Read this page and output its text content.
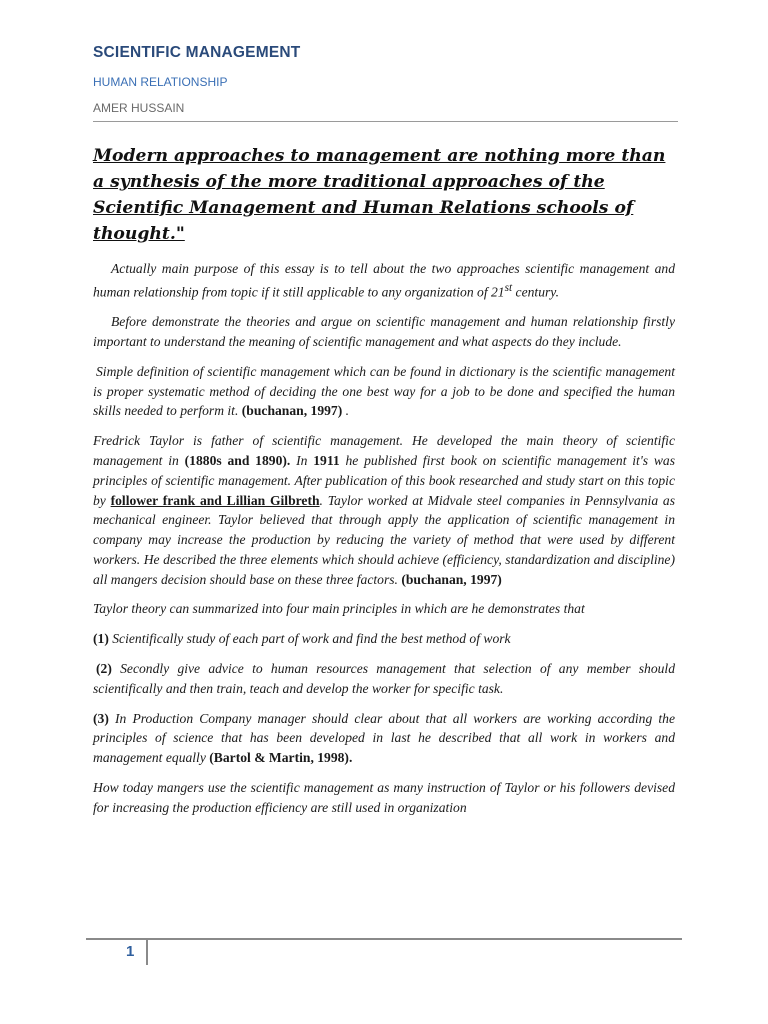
SCIENTIFIC MANAGEMENT
HUMAN RELATIONSHIP
AMER HUSSAIN
Modern approaches to management are nothing more than a synthesis of the more traditional approaches of the Scientific Management and Human Relations schools of thought."

Actually main purpose of this essay is to tell about the two approaches scientific management and human relationship from topic if it still applicable to any organization of 21st century.

Before demonstrate the theories and argue on scientific management and human relationship firstly important to understand the meaning of scientific management and what aspects do they include.

Simple definition of scientific management which can be found in dictionary is the scientific management is proper systematic method of deciding the one best way for a job to be done and specified the human skills needed to perform it. (buchanan, 1997) .

Fredrick Taylor is father of scientific management. He developed the main theory of scientific management in (1880s and 1890). In 1911 he published first book on scientific management it's was principles of scientific management. After publication of this book researched and study start on this topic by follower frank and Lillian Gilbreth. Taylor worked at Midvale steel companies in Pennsylvania as mechanical engineer. Taylor believed that through apply the application of scientific management in company may increase the production by reducing the variety of method that were used by different workers. He described the three elements which should achieve (efficiency, standardization and discipline) all mangers decision should base on these three factors. (buchanan, 1997)

Taylor theory can summarized into four main principles in which are he demonstrates that

(1) Scientifically study of each part of work and find the best method of work

(2) Secondly give advice to human resources management that selection of any member should scientifically and then train, teach and develop the worker for specific task.

(3) In Production Company manager should clear about that all workers are working according the principles of science that has been developed in last he described that all work in workers and management equally (Bartol & Martin, 1998).

How today mangers use the scientific management as many instruction of Taylor or his followers devised for increasing the production efficiency are still used in organization

1
